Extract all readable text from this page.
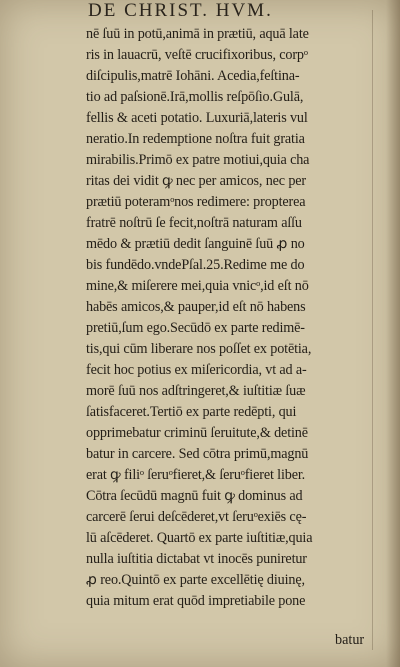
DE CHRIST. HVM.
nē ſuū in potū,animā in prætiū, aquā late
ris in lauacrū, veſtē crucifixoribus, corpᵒ
diſcipulis,matrē Iohāni. Acedia,feſtina-
tio ad paſsionē.Irā,mollis reſpōſio.Gulā,
fellis & aceti potatio. Luxuriā,lateris vul
neratio.In redemptione noſtra fuit gratia
mirabilis.Primō ex patre motiui,quia cha
ritas dei vidit ꝙ nec per amicos, nec per
prætiū poteramᵒnos redimere: propterea
fratrē noſtrū ſe fecit,noſtrā naturam aſſu
mēdo & prætiū dedit ſanguinē ſuū ꝓ no
bis fundēdo.vndePſal.25.Redime me do
mine,& miſerere mei,quia vnicᵒ,id eſt nō
habēs amicos,& pauper,id eſt nō habens
pretiū,ſum ego.Secūdō ex parte redimē-
tis,qui cūm liberare nos poſſet ex potētia,
fecit hoc potius ex miſericordia, vt ad a-
morē ſuū nos adſtringeret,& iuſtitiæ ſuæ
ſatisfaceret.Tertiō ex parte redēpti, qui
opprimebatur criminū ſeruitute,& detinē
batur in carcere. Sed cōtra primū,magnū
erat ꝙ filiᵒ ſeruᵒfieret,& ſeruᵒfieret liber.
Cōtra ſecūdū magnū fuit ꝙ dominus ad
carcerē ſerui deſcēderet,vt ſeruᵒexiēs cę-
lū aſcēderet. Quartō ex parte iuſtitiæ,quia
nulla iuſtitia dictabat vt inocēs puniretur
ꝓ reo.Quintō ex parte excellētię diuinę,
quia mitum erat quōd impretiabile pone
batur
